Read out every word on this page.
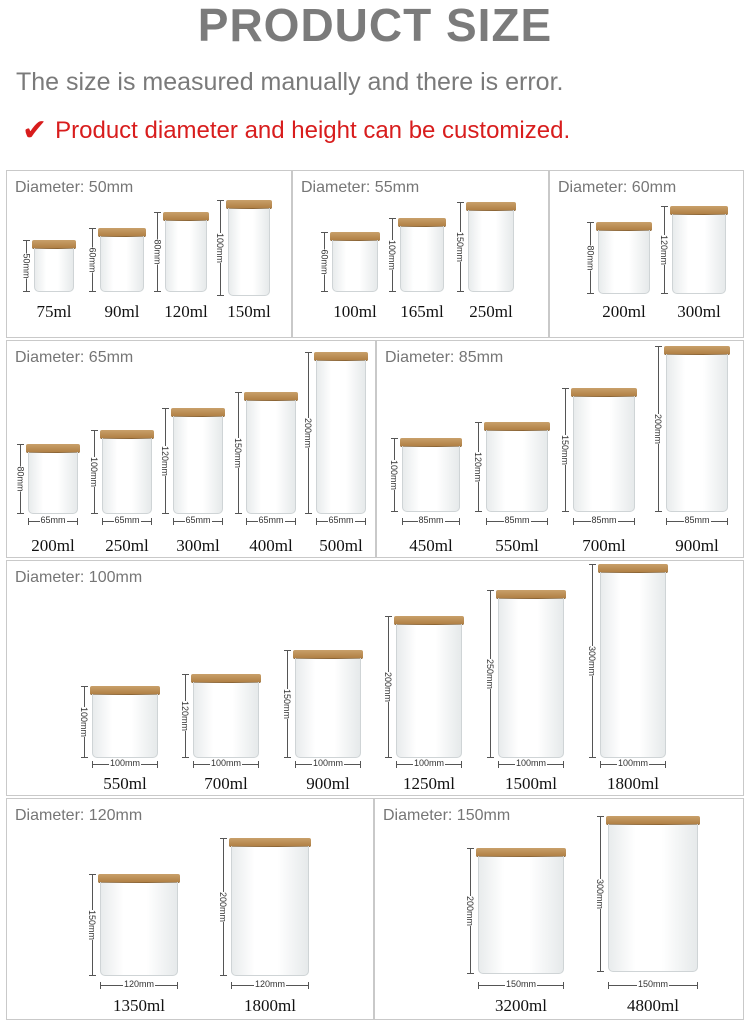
PRODUCT SIZE
The size is measured manually and there is error.
✔ Product diameter and height can be customized.
Diameter: 50mm
50mm
75ml
60mm
90ml
80mm
120ml
100mm
150ml
Diameter: 55mm
60mm
100ml
100mm
165ml
150mm
250ml
Diameter: 60mm
80mm
200ml
120mm
300ml
Diameter: 65mm
80mm
65mm
200ml
100mm
65mm
250ml
120mm
65mm
300ml
150mm
65mm
400ml
200mm
65mm
500ml
Diameter: 85mm
100mm
85mm
450ml
120mm
85mm
550ml
150mm
85mm
700ml
200mm
85mm
900ml
Diameter: 100mm
100mm
100mm
550ml
120mm
100mm
700ml
150mm
100mm
900ml
200mm
100mm
1250ml
250mm
100mm
1500ml
300mm
100mm
1800ml
Diameter: 120mm
150mm
120mm
1350ml
200mm
120mm
1800ml
Diameter: 150mm
200mm
150mm
3200ml
300mm
150mm
4800ml
